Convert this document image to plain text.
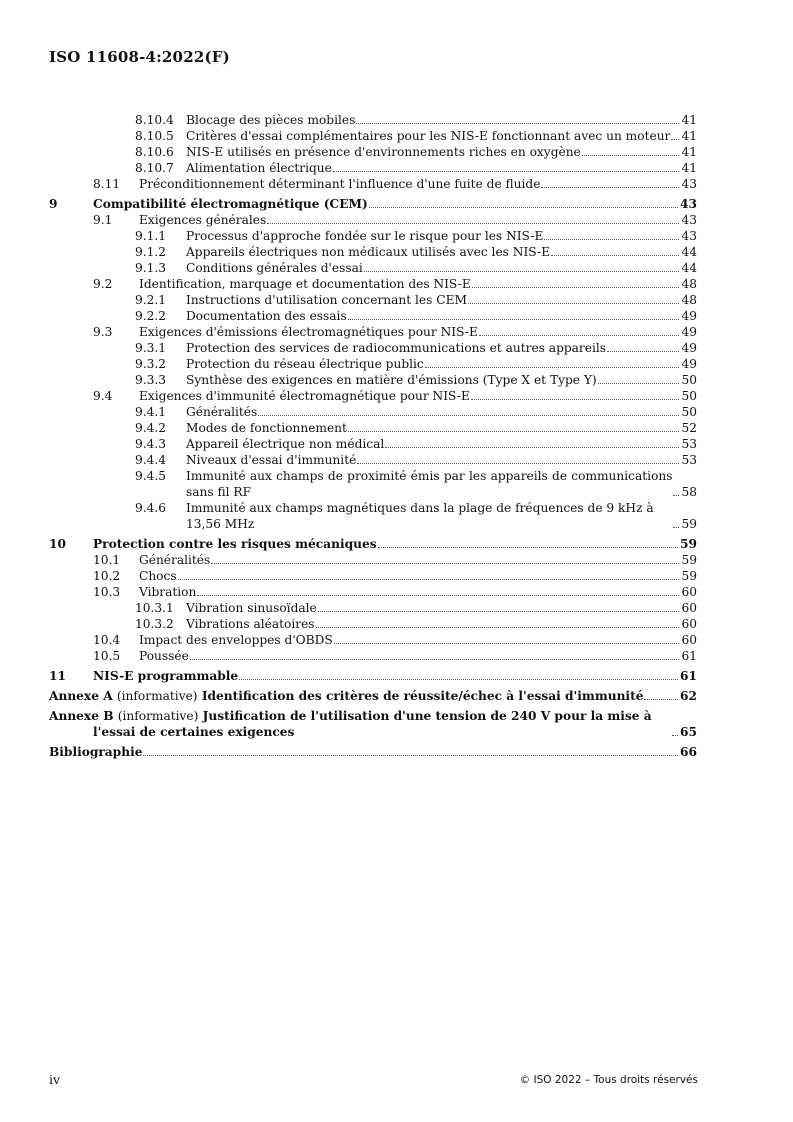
ISO 11608-4:2022(F)
8.10.4 Blocage des pièces mobiles	41
8.10.5 Critères d'essai complémentaires pour les NIS-E fonctionnant avec un moteur 41
8.10.6 NIS-E utilisés en présence d'environnements riches en oxygène	41
8.10.7 Alimentation électrique	41
8.11 Préconditionnement déterminant l'influence d'une fuite de fluide	43
9	Compatibilité électromagnétique (CEM)	43
9.1 Exigences générales	43
9.1.1 Processus d'approche fondée sur le risque pour les NIS-E	43
9.1.2 Appareils électriques non médicaux utilisés avec les NIS-E	44
9.1.3 Conditions générales d'essai	44
9.2 Identification, marquage et documentation des NIS-E	48
9.2.1 Instructions d'utilisation concernant les CEM	48
9.2.2 Documentation des essais	49
9.3 Exigences d'émissions électromagnétiques pour NIS-E	49
9.3.1 Protection des services de radiocommunications et autres appareils	49
9.3.2 Protection du réseau électrique public	49
9.3.3 Synthèse des exigences en matière d'émissions (Type X et Type Y)	50
9.4 Exigences d'immunité électromagnétique pour NIS-E	50
9.4.1 Généralités	50
9.4.2 Modes de fonctionnement	52
9.4.3 Appareil électrique non médical	53
9.4.4 Niveaux d'essai d'immunité	53
9.4.5 Immunité aux champs de proximité émis par les appareils de communications sans fil RF	58
9.4.6 Immunité aux champs magnétiques dans la plage de fréquences de 9 kHz à 13,56 MHz	59
10 Protection contre les risques mécaniques	59
10.1 Généralités	59
10.2 Chocs	59
10.3 Vibration	60
10.3.1 Vibration sinusoïdale	60
10.3.2 Vibrations aléatoires	60
10.4 Impact des enveloppes d'OBDS	60
10.5 Poussée	61
11 NIS-E programmable	61
Annexe A (informative) Identification des critères de réussite/échec à l'essai d'immunité	62
Annexe B (informative) Justification de l'utilisation d'une tension de 240 V pour la mise à l'essai de certaines exigences	65
Bibliographie	66
iv	© ISO 2022 – Tous droits réservés
